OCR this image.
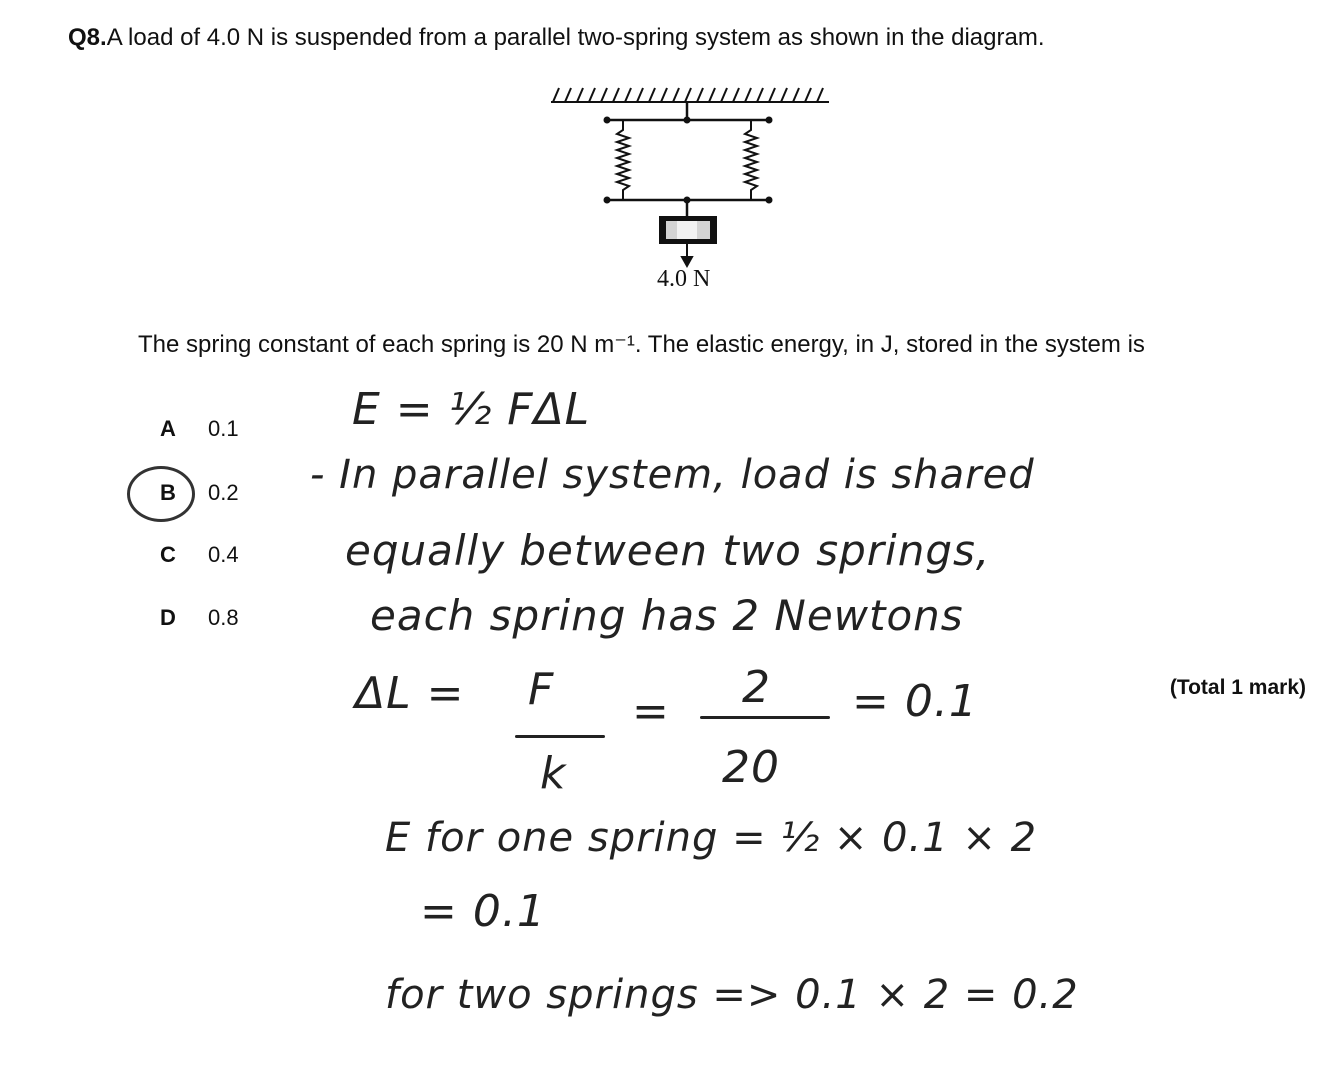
Q8.A load of 4.0 N is suspended from a parallel two-spring system as shown in the diagram.
4.0 N
The spring constant of each spring is 20 N m⁻¹. The elastic energy, in J, stored in the system is
A 0.1
B 0.2
C 0.4
D 0.8
(Total 1 mark)
E = ½ FΔL
- In parallel system, load is shared
equally between two springs,
each spring has 2 Newtons
ΔL = F
k
= 2
20
= 0.1
E for one spring = ½ × 0.1 × 2
= 0.1
for two springs => 0.1 × 2 = 0.2
